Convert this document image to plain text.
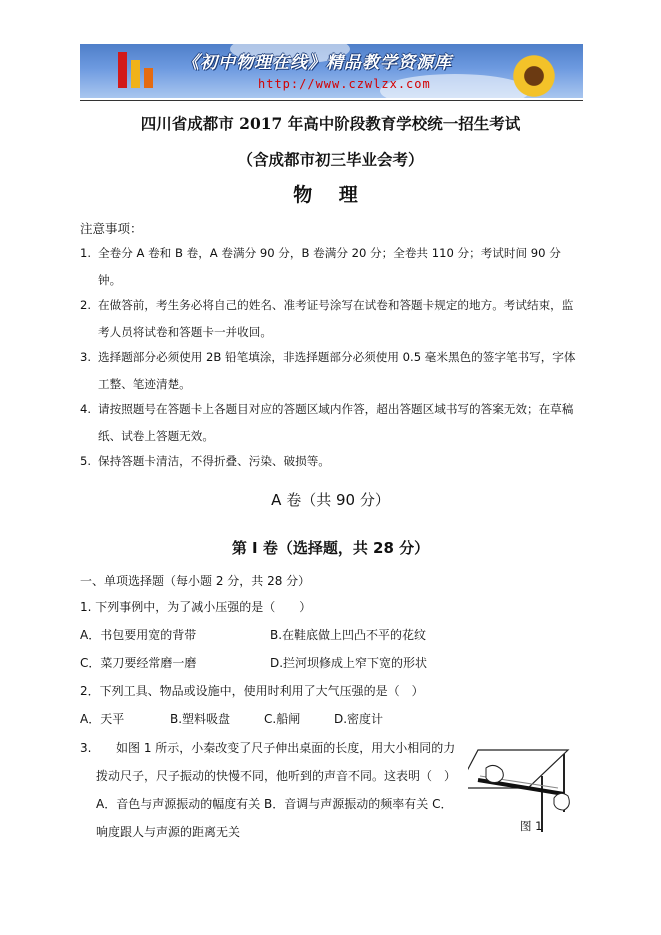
《初中物理在线》精品教学资源库
http://www.czwlzx.com
四川省成都市 2017 年高中阶段教育学校统一招生考试
（含成都市初三毕业会考）
物 理
注意事项：
1. 全卷分 A 卷和 B 卷，A 卷满分 90 分，B 卷满分 20 分；全卷共 110 分；考试时间 90 分钟。
2. 在做答前，考生务必将自己的姓名、准考证号涂写在试卷和答题卡规定的地方。考试结束，监考人员将试卷和答题卡一并收回。
3. 选择题部分必须使用 2B 铅笔填涂，非选择题部分必须使用 0.5 毫米黑色的签字笔书写，字体工整、笔迹清楚。
4. 请按照题号在答题卡上各题目对应的答题区域内作答，超出答题区域书写的答案无效；在草稿纸、试卷上答题无效。
5. 保持答题卡清洁，不得折叠、污染、破损等。
A 卷（共 90 分）
第 I 卷（选择题，共 28 分）
一、单项选择题（每小题 2 分，共 28 分）
1. 下列事例中，为了减小压强的是（　　）
A．书包要用宽的背带	B.在鞋底做上凹凸不平的花纹
C．菜刀要经常磨一磨	D.拦河坝修成上窄下宽的形状
2．下列工具、物品或设施中，使用时利用了大气压强的是（　）
A．天平	B.塑料吸盘	C.船闸	D.密度计
3.	如图 1 所示，小秦改变了尺子伸出桌面的长度，用大小相同的力拨动尺子，尺子振动的快慢不同，他听到的声音不同。这表明（　）
A．音色与声源振动的幅度有关 B．音调与声源振动的频率有关 C．响度跟人与声源的距离无关	图 1
